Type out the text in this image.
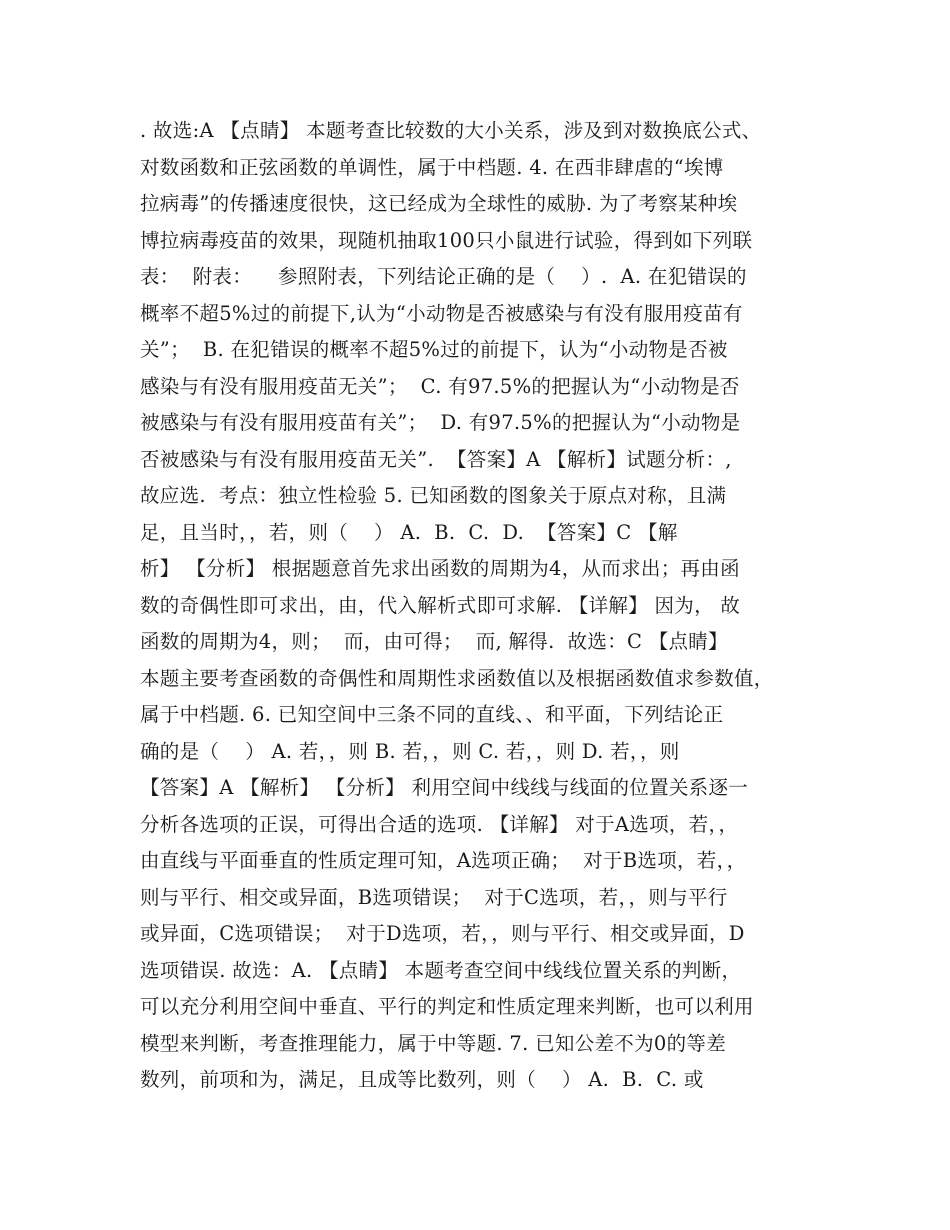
. 故选:A 【点睛】 本题考查比较数的大小关系，涉及到对数换底公式、
对数函数和正弦函数的单调性，属于中档题. 4. 在西非肆虐的“埃博
拉病毒”的传播速度很快，这已经成为全球性的威胁. 为了考察某种埃
博拉病毒疫苗的效果，现随机抽取100只小鼠进行试验，得到如下列联
表：  附表：    参照附表，下列结论正确的是（    ）.  A. 在犯错误的
概率不超5%过的前提下,认为“小动物是否被感染与有没有服用疫苗有
关”；  B. 在犯错误的概率不超5%过的前提下，认为“小动物是否被
感染与有没有服用疫苗无关”；  C. 有97.5%的把握认为“小动物是否
被感染与有没有服用疫苗有关”；  D. 有97.5%的把握认为“小动物是
否被感染与有没有服用疫苗无关”.  【答案】A 【解析】试题分析：,
故应选.  考点：独立性检验 5. 已知函数的图象关于原点对称，且满
足，且当时，，若，则（    ） A.  B.  C.  D.  【答案】C 【解
析】 【分析】 根据题意首先求出函数的周期为4，从而求出；再由函
数的奇偶性即可求出，由，代入解析式即可求解. 【详解】 因为， 故
函数的周期为4，则；  而，由可得；  而, 解得.  故选：C 【点睛】
本题主要考查函数的奇偶性和周期性求函数值以及根据函数值求参数值，
属于中档题. 6. 已知空间中三条不同的直线、、和平面，下列结论正
确的是（    ） A. 若，，则 B. 若，，则 C. 若，，则 D. 若，，则
【答案】A 【解析】 【分析】 利用空间中线线与线面的位置关系逐一
分析各选项的正误，可得出合适的选项. 【详解】 对于A选项，若，，
由直线与平面垂直的性质定理可知，A选项正确；  对于B选项，若，，
则与平行、相交或异面，B选项错误；  对于C选项，若，，则与平行
或异面，C选项错误；  对于D选项，若，，则与平行、相交或异面，D
选项错误. 故选：A. 【点睛】 本题考查空间中线线位置关系的判断，
可以充分利用空间中垂直、平行的判定和性质定理来判断，也可以利用
模型来判断，考查推理能力，属于中等题. 7. 已知公差不为0的等差
数列，前项和为，满足，且成等比数列，则（    ） A.  B.  C. 或
